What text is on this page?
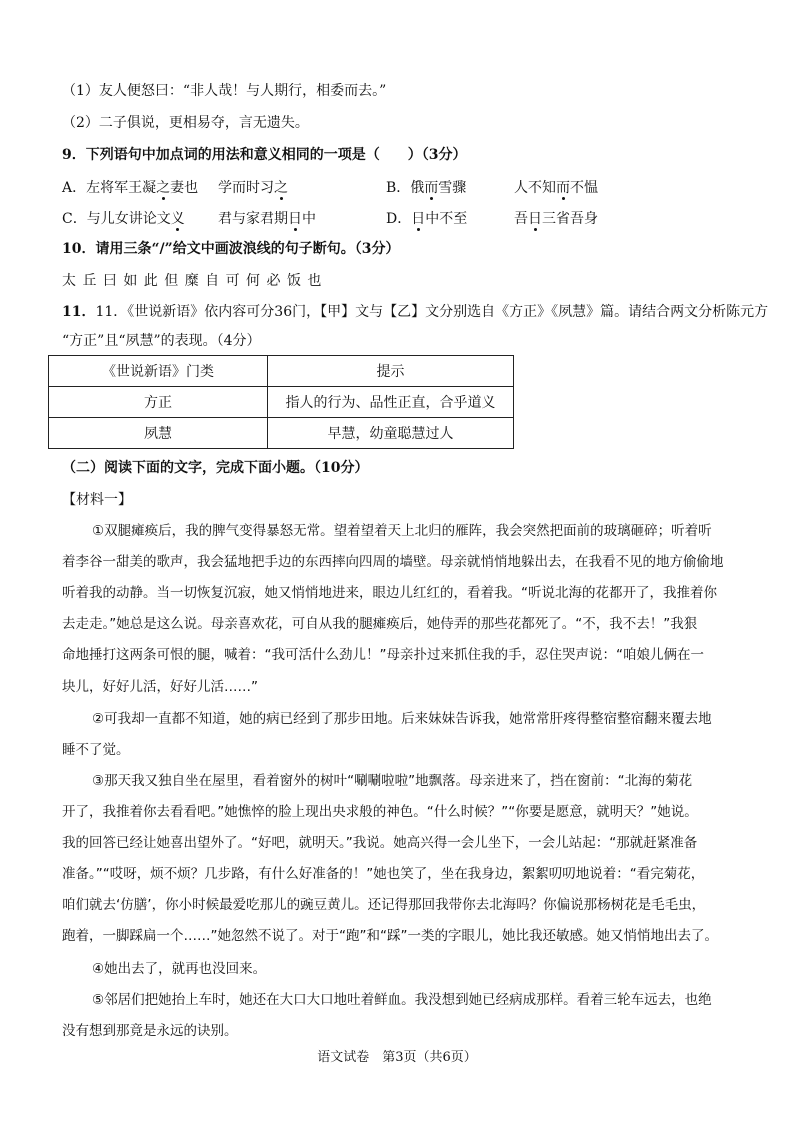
（1）友人便怒曰：“非人哉！与人期行，相委而去。”
（2）二子俱说，更相易夺，言无遗失。
9．下列语句中加点词的用法和意义相同的一项是（　　）（3分）
A．左将军王凝之妻也 学而时习之	B．俄而雪骤	人不知而不愠
C．与儿女讲论文义 君与家君期日中	D．日中不至	吾日三省吾身
10．请用三条“/”给文中画波浪线的句子断句。（3分）
太 丘 曰 如 此 但 糜 自 可 何 必 饭 也
11．11．《世说新语》依内容可分36门，【甲】文与【乙】文分别选自《方正》《夙慧》篇。请结合两文分析陈元方
“方正”且“夙慧”的表现。（4分）
《世说新语》门类	提示
方正	指人的行为、品性正直，合乎道义
夙慧	早慧，幼童聪慧过人
（二）阅读下面的文字，完成下面小题。（10分）
【材料一】
①双腿瘫痪后，我的脾气变得暴怒无常。望着望着天上北归的雁阵，我会突然把面前的玻璃砸碎；听着听
着李谷一甜美的歌声，我会猛地把手边的东西摔向四周的墙壁。母亲就悄悄地躲出去，在我看不见的地方偷偷地
听着我的动静。当一切恢复沉寂，她又悄悄地进来，眼边儿红红的，看着我。“听说北海的花都开了，我推着你
去走走。”她总是这么说。母亲喜欢花，可自从我的腿瘫痪后，她侍弄的那些花都死了。“不，我不去！”我狠
命地捶打这两条可恨的腿，喊着：“我可活什么劲儿！”母亲扑过来抓住我的手，忍住哭声说：“咱娘儿俩在一
块儿，好好儿活，好好儿活……”
②可我却一直都不知道，她的病已经到了那步田地。后来妹妹告诉我，她常常肝疼得整宿整宿翻来覆去地
睡不了觉。
③那天我又独自坐在屋里，看着窗外的树叶“唰唰啦啦”地飘落。母亲进来了，挡在窗前：“北海的菊花
开了，我推着你去看看吧。”她憔悴的脸上现出央求般的神色。“什么时候？”“你要是愿意，就明天？”她说。
我的回答已经让她喜出望外了。“好吧，就明天。”我说。她高兴得一会儿坐下，一会儿站起：“那就赶紧准备
准备。”“哎呀，烦不烦？几步路，有什么好准备的！”她也笑了，坐在我身边，絮絮叨叨地说着：“看完菊花，
咱们就去‘仿膳’，你小时候最爱吃那儿的豌豆黄儿。还记得那回我带你去北海吗？你偏说那杨树花是毛毛虫，
跑着，一脚踩扁一个……”她忽然不说了。对于“跑”和“踩”一类的字眼儿，她比我还敏感。她又悄悄地出去了。
④她出去了，就再也没回来。
⑤邻居们把她抬上车时，她还在大口大口地吐着鲜血。我没想到她已经病成那样。看着三轮车远去，也绝
没有想到那竟是永远的诀别。
语文试卷　第3页（共6页）
